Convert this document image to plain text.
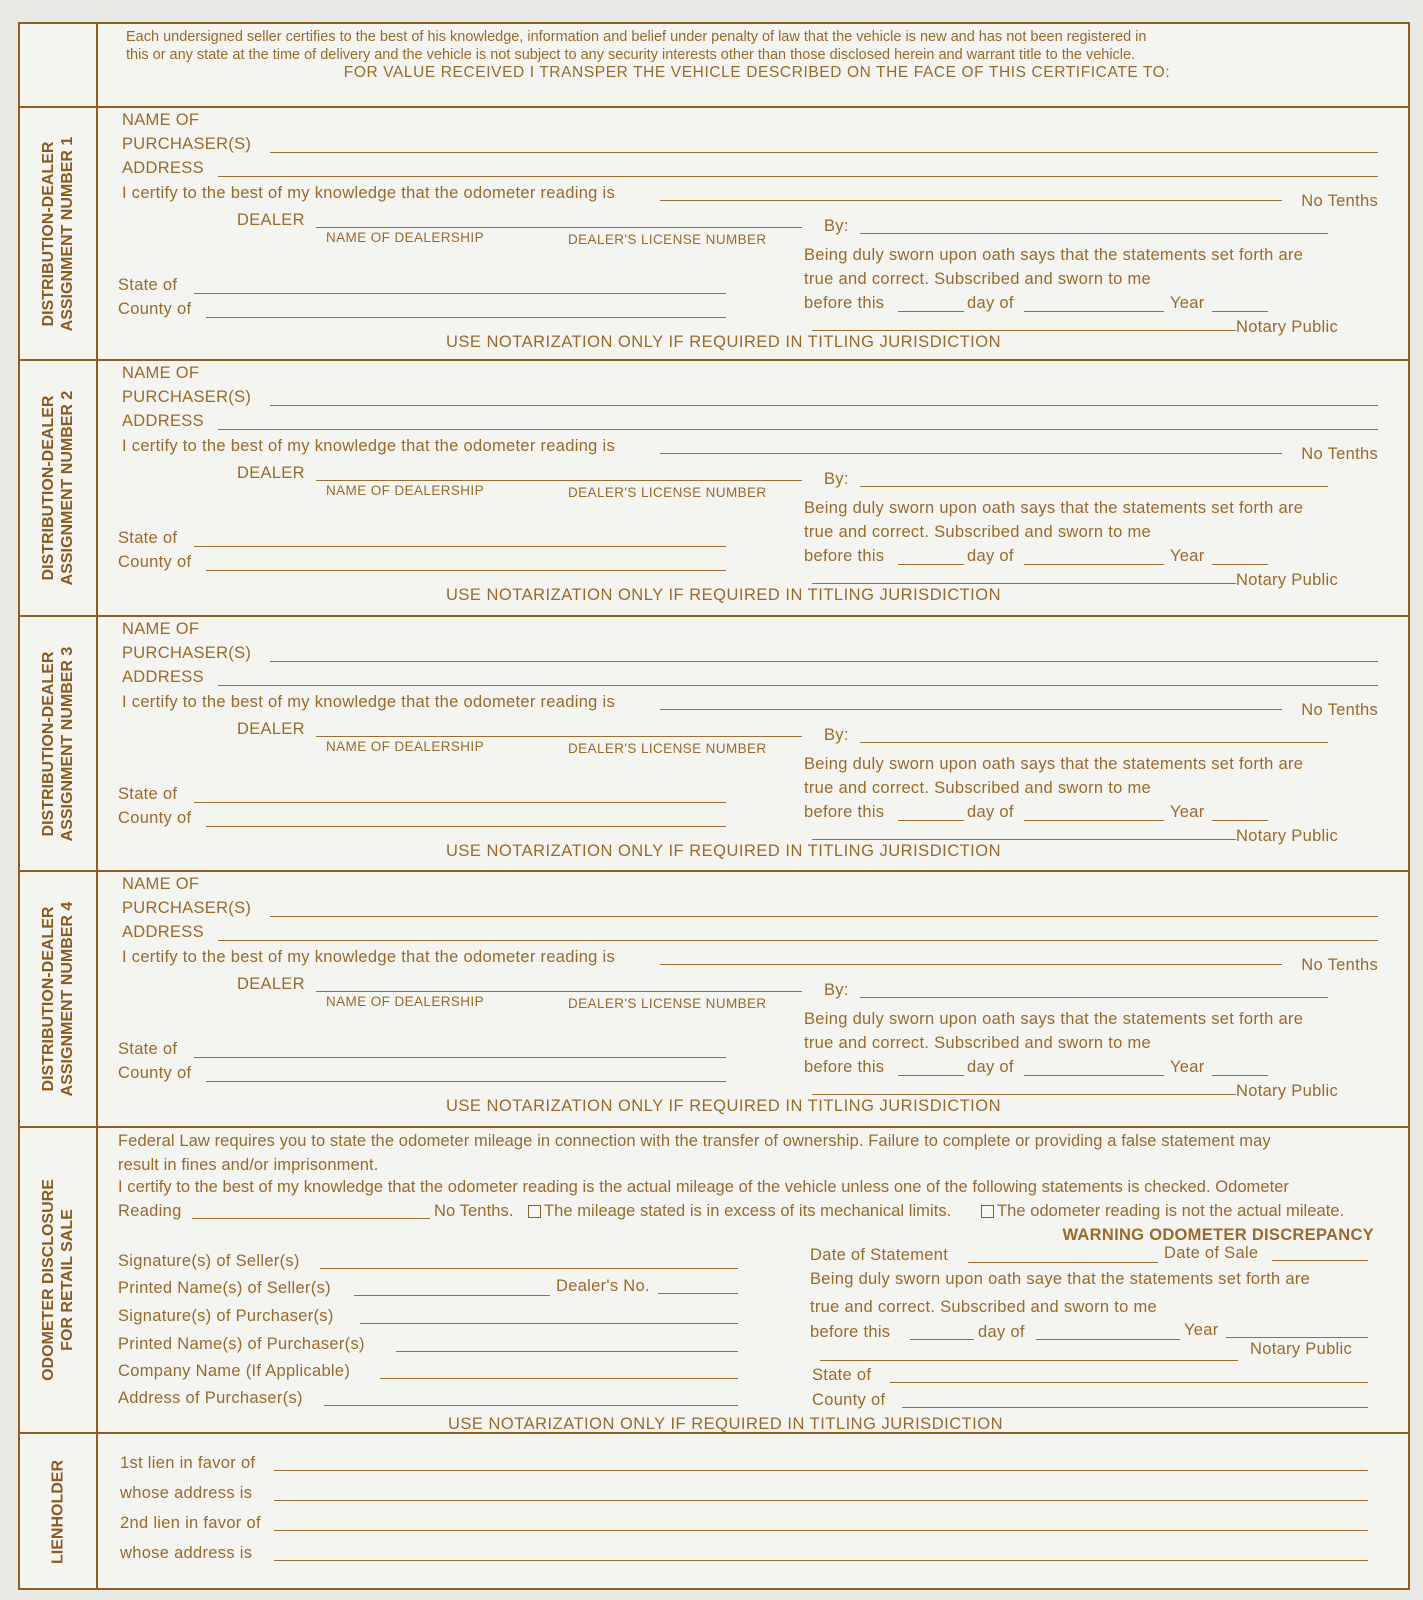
Each undersigned seller certifies to the best of his knowledge, information and belief under penalty of law that the vehicle is new and has not been registered in
this or any state at the time of delivery and the vehicle is not subject to any security interests other than those disclosed herein and warrant title to the vehicle.
FOR VALUE RECEIVED I TRANSPER THE VEHICLE DESCRIBED ON THE FACE OF THIS CERTIFICATE TO:
DISTRIBUTION-DEALER ASSIGNMENT NUMBER 1
NAME OF
PURCHASER(S)
ADDRESS
I certify to the best of my knowledge that the odometer reading is	No Tenths
DEALER
NAME OF DEALERSHIP	DEALER'S LICENSE NUMBER
By:
Being duly sworn upon oath says that the statements set forth are
true and correct. Subscribed and sworn to me
before this	day of	Year
State of
County of
Notary Public
USE NOTARIZATION ONLY IF REQUIRED IN TITLING JURISDICTION
DISTRIBUTION-DEALER ASSIGNMENT NUMBER 2
NAME OF
PURCHASER(S)
ADDRESS
I certify to the best of my knowledge that the odometer reading is	No Tenths
DEALER
NAME OF DEALERSHIP	DEALER'S LICENSE NUMBER
By:
Being duly sworn upon oath says that the statements set forth are
true and correct. Subscribed and sworn to me
before this	day of	Year
State of
County of
Notary Public
USE NOTARIZATION ONLY IF REQUIRED IN TITLING JURISDICTION
DISTRIBUTION-DEALER ASSIGNMENT NUMBER 3
NAME OF
PURCHASER(S)
ADDRESS
I certify to the best of my knowledge that the odometer reading is	No Tenths
DEALER
NAME OF DEALERSHIP	DEALER'S LICENSE NUMBER
By:
Being duly sworn upon oath says that the statements set forth are
true and correct. Subscribed and sworn to me
before this	day of	Year
State of
County of
Notary Public
USE NOTARIZATION ONLY IF REQUIRED IN TITLING JURISDICTION
DISTRIBUTION-DEALER ASSIGNMENT NUMBER 4
NAME OF
PURCHASER(S)
ADDRESS
I certify to the best of my knowledge that the odometer reading is	No Tenths
DEALER
NAME OF DEALERSHIP	DEALER'S LICENSE NUMBER
By:
Being duly sworn upon oath says that the statements set forth are
true and correct. Subscribed and sworn to me
before this	day of	Year
State of
County of
Notary Public
USE NOTARIZATION ONLY IF REQUIRED IN TITLING JURISDICTION
ODOMETER DISCLOSURE FOR RETAIL SALE
Federal Law requires you to state the odometer mileage in connection with the transfer of ownership. Failure to complete or providing a false statement may
result in fines and/or imprisonment.
I certify to the best of my knowledge that the odometer reading is the actual mileage of the vehicle unless one of the following statements is checked. Odometer
Reading	No Tenths.	The mileage stated is in excess of its mechanical limits.	The odometer reading is not the actual mileate.
WARNING ODOMETER DISCREPANCY
Signature(s) of Seller(s)
Printed Name(s) of Seller(s)	Dealer's No.
Signature(s) of Purchaser(s)
Printed Name(s) of Purchaser(s)
Company Name (If Applicable)
Address of Purchaser(s)
Date of Statement	Date of Sale
Being duly sworn upon oath saye that the statements set forth are
true and correct. Subscribed and sworn to me
before this	day of	Year
Notary Public
State of
County of
USE NOTARIZATION ONLY IF REQUIRED IN TITLING JURISDICTION
LIENHOLDER	1st lien in favor of
whose address is
2nd lien in favor of
whose address is
